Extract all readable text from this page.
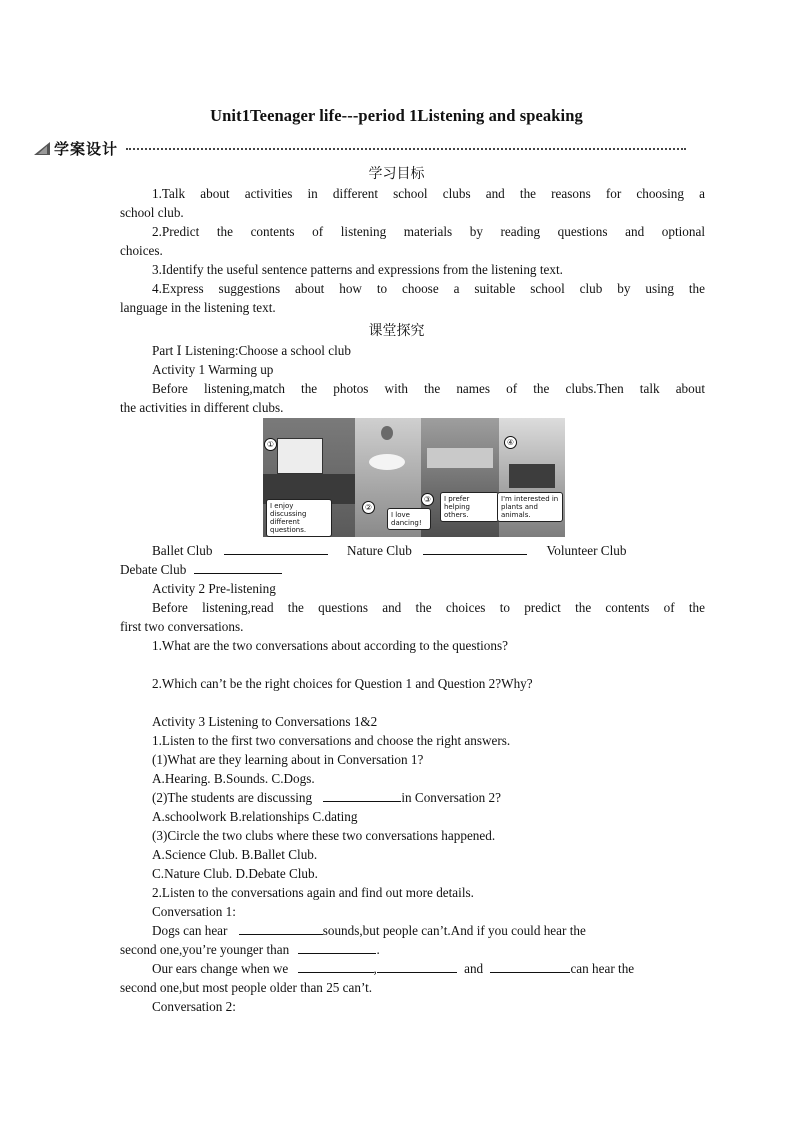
Unit1Teenager life---period 1Listening and speaking
学习目标
1.Talk about activities in different school clubs and the reasons for choosing a
school club.
2.Predict the contents of listening materials by reading questions and optional
choices.
3.Identify the useful sentence patterns and expressions from the listening text.
4.Express suggestions about how to choose a suitable school club by using the
language in the listening text.
课堂探究
Part Ⅰ Listening:Choose a school club
Activity 1 Warming up
Before listening,match the photos with the names of the clubs.Then talk about
the activities in different clubs.
Ballet Club	Nature Club	Volunteer Club
Debate Club
Activity 2 Pre-listening
Before listening,read the questions and the choices to predict the contents of the
first two conversations.
1.What are the two conversations about according to the questions?
2.Which can’t be the right choices for Question 1 and Question 2?Why?
Activity 3 Listening to Conversations 1&2
1.Listen to the first two conversations and choose the right answers.
(1)What are they learning about in Conversation 1?
A.Hearing. B.Sounds. C.Dogs.
(2)The students are discussing	in Conversation 2?
A.schoolwork B.relationships C.dating
(3)Circle the two clubs where these two conversations happened.
A.Science Club. B.Ballet Club.
C.Nature Club. D.Debate Club.
2.Listen to the conversations again and find out more details.
Conversation 1:
Dogs can hear	sounds,but people can’t.And if you could hear the
second one,you’re younger than	.
Our ears change when we	,	and	can hear the
second one,but most people older than 25 can’t.
Conversation 2:
学案设计
①
②
③
④
I enjoy discussing different questions.
I love dancing!
I prefer helping others.
I'm interested in plants and animals.
